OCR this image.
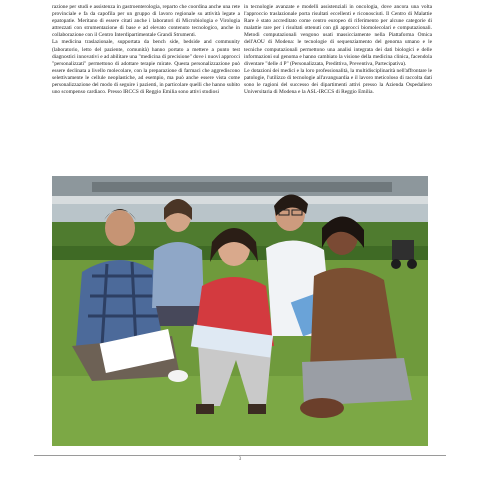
razione per studi e assistenza in gastroenterologia, reparto che coordina anche una rete provinciale e fa da capofila per un gruppo di lavoro regionale su attività legate a epatopatie. Meritano di essere citati anche i laboratori di Microbiologia e Virologia attrezzati con strumentazione di base e ad elevato contenuto tecnologico, anche in collaborazione con il Centro Interdipartimentale Grandi Strumenti.

La medicina traslazionale, supportata da bench side, bedside and community (laboratorio, letto del paziente, comunità) hanno portato a mettere a punto test diagnostici innovativi e ad abilitare una "medicina di precisione" dove i nuovi approcci "personalizzati" permettono di adottare terapie mirate. Questa personalizzazione può essere declinata a livello molecolare, con la preparazione di farmaci che aggrediscono selettivamente le cellule neoplastiche, ad esempio, ma può anche essere vista come personalizzazione del modo di seguire i pazienti, in particolare quelli che hanno subito uno scompenso cardiaco. Presso IRCCS di Reggio Emilia sono attivi studiosi

in tecnologie avanzate e modelli assistenziali in oncologia, dove ancora una volta l'approccio traslazionale porta risultati eccellenti e riconosciuti. Il Centro di Malattie Rare è stato accreditato come centro europeo di riferimento per alcune categorie di malattie rare per i risultati ottenuti con gli approcci biomolecolari e computazionali. Metodi computazionali vengono usati massicciamente nella Piattaforma Omica dell'AOU di Modena: le tecnologie di sequenziamento del genoma umano e le tecniche computazionali permettono una analisi integrata dei dati biologici e delle informazioni sul genoma e hanno cambiato la visione della medicina clinica, facendola diventare "delle 4 P" (Personalizzata, Predittiva, Preventiva, Partecipativa).

Le dotazioni dei medici e la loro professionalità, la multidisciplinarità nell'affrontare le patologie, l'utilizzo di tecnologie all'avanguardia e il lavoro meticoloso di raccolta dati sono le ragioni del successo dei dipartimenti attivi presso la Azienda Ospedaliero Universitaria di Modena e la ASL-IRCCS di Reggio Emilia.

3
